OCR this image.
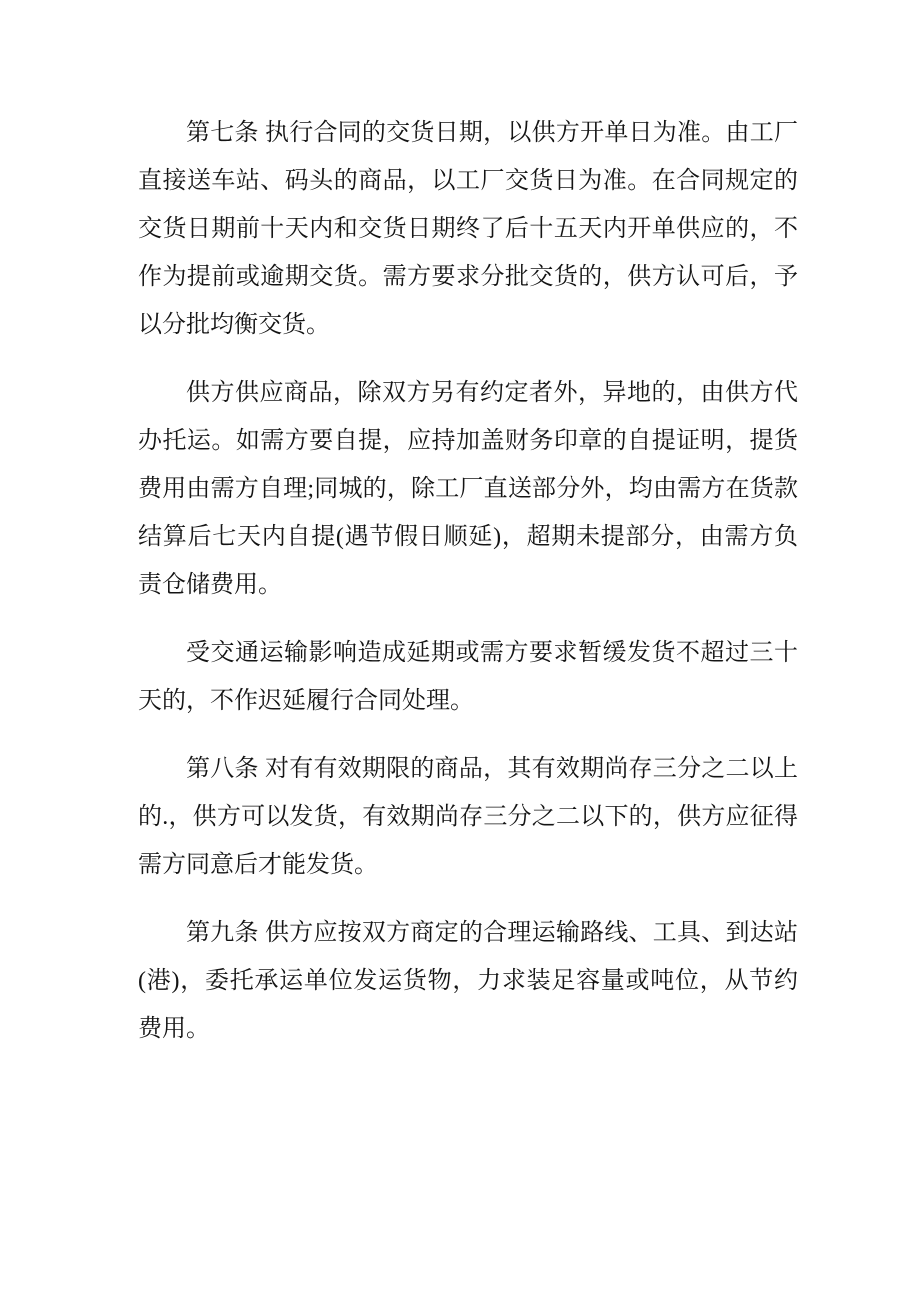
第七条 执行合同的交货日期，以供方开单日为准。由工厂直接送车站、码头的商品，以工厂交货日为准。在合同规定的交货日期前十天内和交货日期终了后十五天内开单供应的，不作为提前或逾期交货。需方要求分批交货的，供方认可后，予以分批均衡交货。

供方供应商品，除双方另有约定者外，异地的，由供方代办托运。如需方要自提，应持加盖财务印章的自提证明，提货费用由需方自理;同城的，除工厂直送部分外，均由需方在货款结算后七天内自提(遇节假日顺延)，超期未提部分，由需方负责仓储费用。

受交通运输影响造成延期或需方要求暂缓发货不超过三十天的，不作迟延履行合同处理。

第八条 对有有效期限的商品，其有效期尚存三分之二以上的.，供方可以发货，有效期尚存三分之二以下的，供方应征得需方同意后才能发货。

第九条 供方应按双方商定的合理运输路线、工具、到达站(港)，委托承运单位发运货物，力求装足容量或吨位，从节约费用。
